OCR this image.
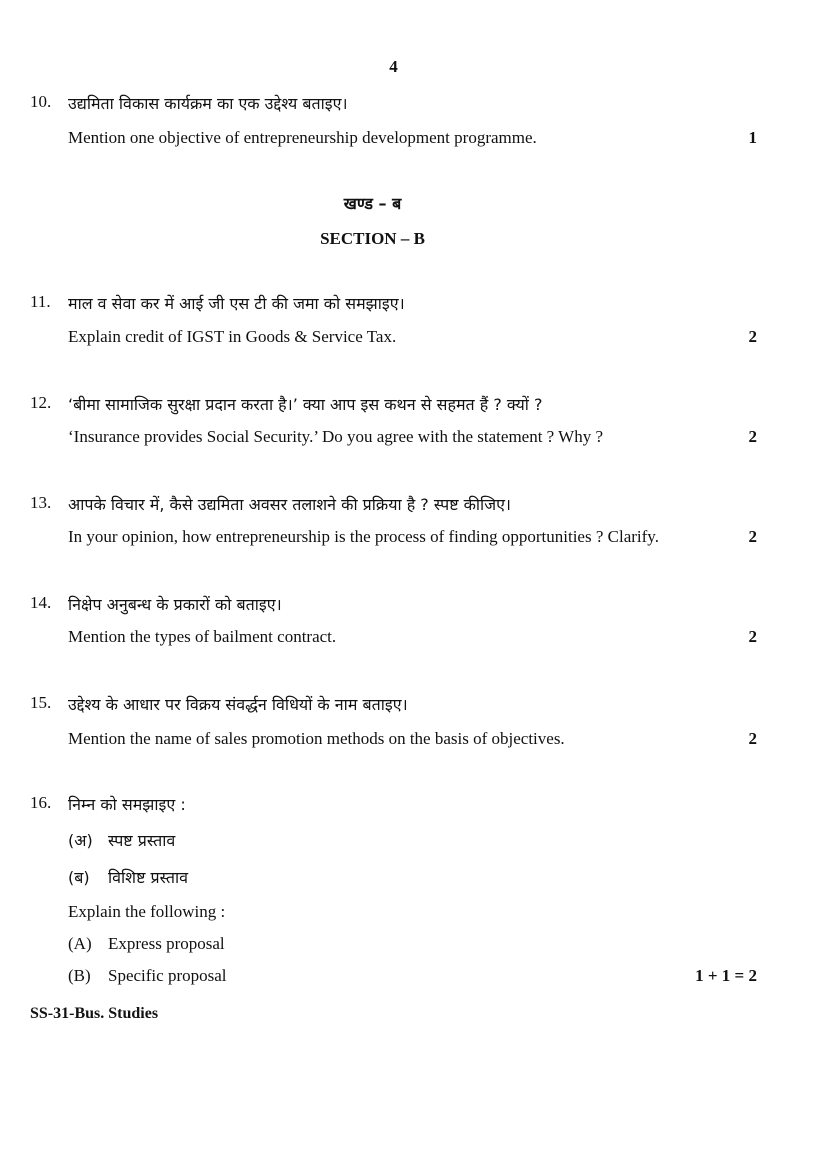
4
10. उद्यमिता विकास कार्यक्रम का एक उद्देश्य बताइए।
Mention one objective of entrepreneurship development programme.	1
खण्ड – ब
SECTION – B
11. माल व सेवा कर में आई जी एस टी की जमा को समझाइए।
Explain credit of IGST in Goods & Service Tax.	2
12. ‘बीमा सामाजिक सुरक्षा प्रदान करता है।’ क्या आप इस कथन से सहमत हैं ? क्यों ?
‘Insurance provides Social Security.’ Do you agree with the statement ? Why ?	2
13. आपके विचार में, कैसे उद्यमिता अवसर तलाशने की प्रक्रिया है ? स्पष्ट कीजिए।
In your opinion, how entrepreneurship is the process of finding opportunities ? Clarify.	2
14. निक्षेप अनुबन्ध के प्रकारों को बताइए।
Mention the types of bailment contract.	2
15. उद्देश्य के आधार पर विक्रय संवर्द्धन विधियों के नाम बताइए।
Mention the name of sales promotion methods on the basis of objectives.	2
16. निम्न को समझाइए :
(अ) स्पष्ट प्रस्ताव
(ब) विशिष्ट प्रस्ताव
Explain the following :
(A) Express proposal
(B) Specific proposal	1 + 1 = 2
SS-31-Bus. Studies
